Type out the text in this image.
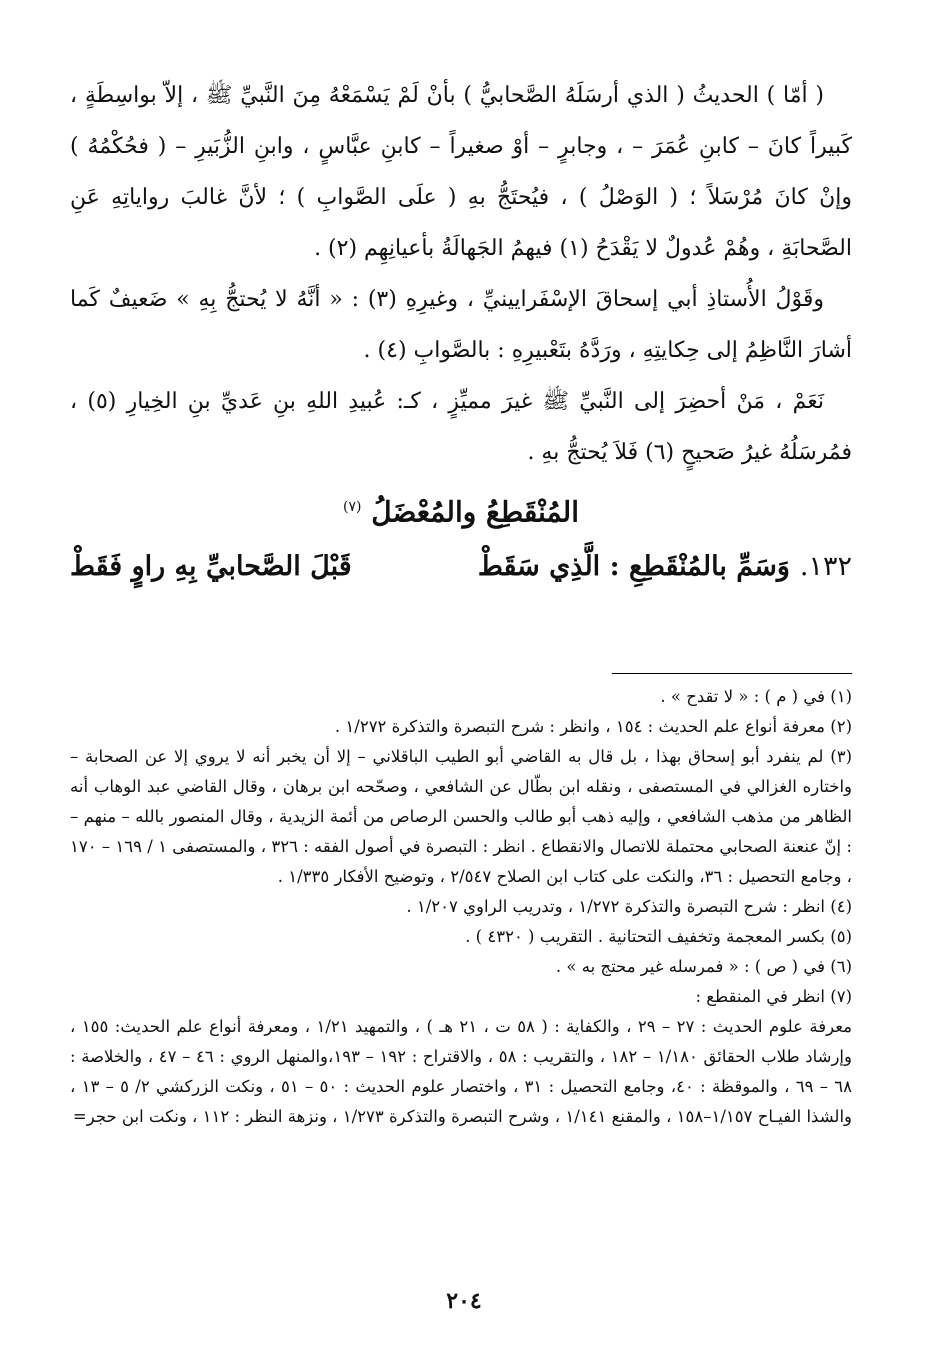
( أمّا ) الحديثُ ( الذي أرسَلَهُ الصَّحابيُّ ) بأنْ لَمْ يَسْمَعْهُ مِنَ النَّبيِّ ﷺ ، إلاّ بواسِطَةٍ ، كَبيراً كانَ – كابنِ عُمَرَ – ، وجابرٍ – أوْ صغيراً – كابنِ عبَّاسٍ ، وابنِ الزُّبَيرِ – ( فحُكْمُهُ ) وإنْ كانَ مُرْسَلاً ؛ ( الوَصْلُ ) ، فيُحتَجُّ بهِ ( علَى الصَّوابِ ) ؛ لأنَّ غالبَ رواياتِهِ عَنِ الصَّحابَةِ ، وهُمْ عُدولٌ لا يَقْدَحُ (١) فيهمُ الجَهالَةُ بأعيانِهِم (٢) .

وقَوْلُ الأُستاذِ أبي إسحاقَ الإسْفَرايينيِّ ، وغيرِهِ (٣) : « أنَّهُ لا يُحتجُّ بِهِ » ضَعيفٌ كَما أشارَ النَّاظِمُ إلى حِكايتِهِ ، ورَدَّهُ بتَعْبيرِهِ : بالصَّوابِ (٤) .

نَعَمْ ، مَنْ أحضِرَ إلى النَّبيِّ ﷺ غيرَ مميِّزٍ ، كـ: عُبيدِ اللهِ بنِ عَديِّ بنِ الخِيارِ (٥) ، فمُرسَلُهُ غيرُ صَحيحٍ (٦) فَلاَ يُحتجُّ بهِ .

المُنْقَطِعُ والمُعْضَلُ $^{(٧)}$
١٣٢.
وَسَمِّ بالمُنْقَطِعِ : الَّذِي سَقَطْ
قَبْلَ الصَّحابيِّ بِهِ راوٍ فَقَطْ

(١) في ( م ) : « لا تقدح » .

(٢) معرفة أنواع علم الحديث : ١٥٤ ، وانظر : شرح التبصرة والتذكرة ١/٢٧٢ .

(٣) لم ينفرد أبو إسحاق بهذا ، بل قال به القاضي أبو الطيب الباقلاني – إلا أن يخبر أنه لا يروي إلا عن الصحابة – واختاره الغزالي في المستصفى ، ونقله ابن بطّال عن الشافعي ، وصحّحه ابن برهان ، وقال القاضي عبد الوهاب أنه الظاهر من مذهب الشافعي ، وإليه ذهب أبو طالب والحسن الرصاص من أئمة الزيدية ، وقال المنصور بالله – منهم – : إنّ عنعنة الصحابي محتملة للاتصال والانقطاع . انظر : التبصرة في أصول الفقه : ٣٢٦ ، والمستصفى ١ / ١٦٩ – ١٧٠ ، وجامع التحصيل : ٣٦، والنكت على كتاب ابن الصلاح ٢/٥٤٧ ، وتوضيح الأفكار ١/٣٣٥ .

(٤) انظر : شرح التبصرة والتذكرة ١/٢٧٢ ، وتدريب الراوي ١/٢٠٧ .

(٥) بكسر المعجمة وتخفيف التحتانية . التقريب ( ٤٣٢٠ ) .

(٦) في ( ص ) : « فمرسله غير محتج به » .

(٧) انظر في المنقطع :

معرفة علوم الحديث : ٢٧ – ٢٩ ، والكفاية : ( ٥٨ ت ، ٢١ هـ ) ، والتمهيد ١/٢١ ، ومعرفة أنواع علم الحديث: ١٥٥ ، وإرشاد طلاب الحقائق ١/١٨٠ – ١٨٢ ، والتقريب : ٥٨ ، والاقتراح : ١٩٢ – ١٩٣،والمنهل الروي : ٤٦ – ٤٧ ، والخلاصة : ٦٨ – ٦٩ ، والموقظة : ٤٠، وجامع التحصيل : ٣١ ، واختصار علوم الحديث : ٥٠ – ٥١ ، ونكت الزركشي ٢/ ٥ – ١٣ ، والشذا الفيـاح ١/١٥٧–١٥٨ ، والمقنع ١/١٤١ ، وشرح التبصرة والتذكرة ١/٢٧٣ ، ونزهة النظر : ١١٢ ، ونكت ابن حجر=

٢٠٤
